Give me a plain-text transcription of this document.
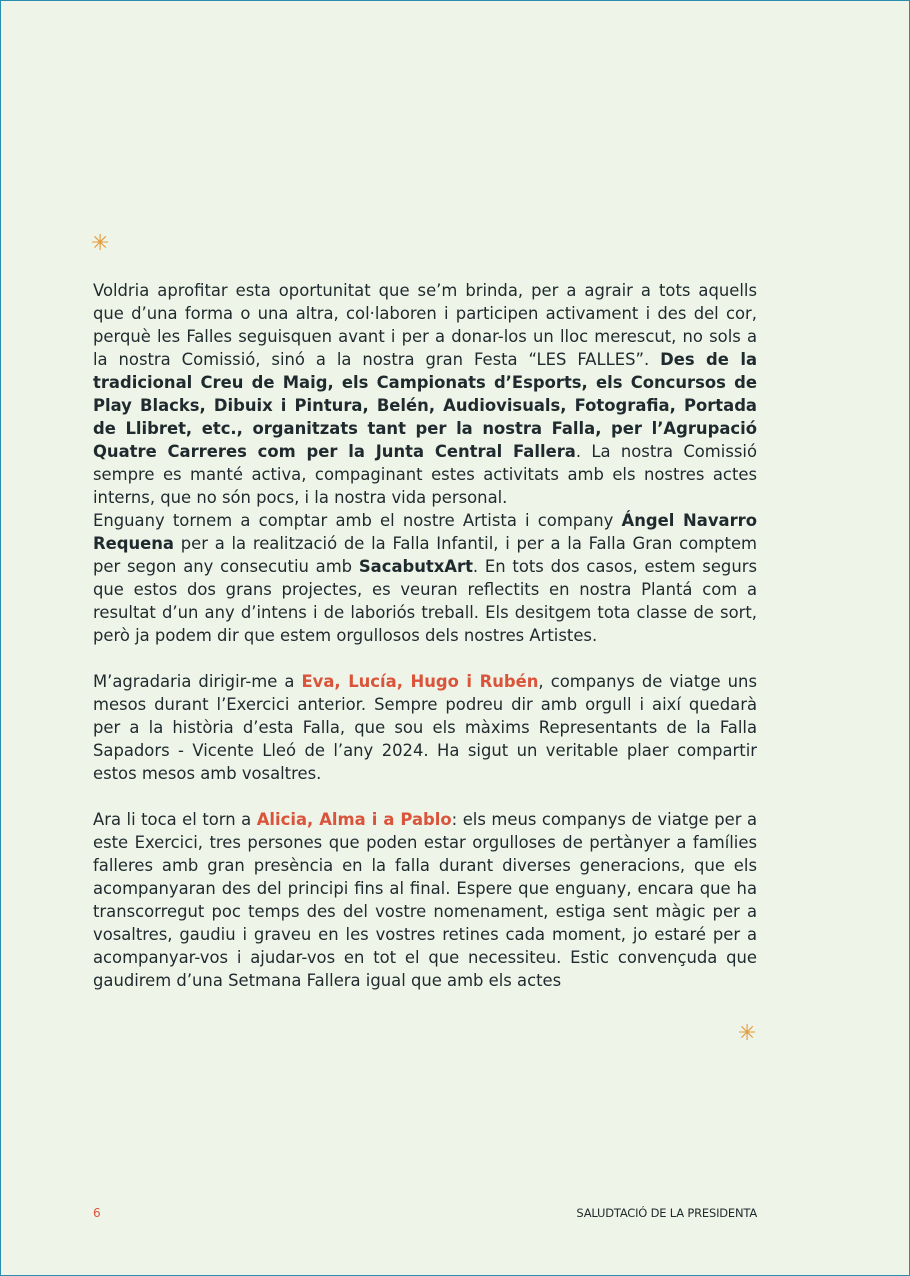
✳

Voldria aprofitar esta oportunitat que se’m brinda, per a agrair a tots aquells que d’una forma o una altra, col·laboren i participen activament i des del cor, perquè les Falles seguisquen avant i per a donar-los un lloc merescut, no sols a la nostra Comissió, sinó a la nostra gran Festa “LES FALLES”. Des de la tradicional Creu de Maig, els Campionats d’Esports, els Concursos de Play Blacks, Dibuix i Pintura, Belén, Audiovisuals, Fotografia, Portada de Llibret, etc., organitzats tant per la nostra Falla, per l’Agrupació Quatre Carreres com per la Junta Central Fallera. La nostra Comissió sempre es manté activa, compaginant estes activitats amb els nostres actes interns, que no són pocs, i la nostra vida personal.

Enguany tornem a comptar amb el nostre Artista i company Ángel Navarro Requena per a la realització de la Falla Infantil, i per a la Falla Gran comptem per segon any consecutiu amb SacabutxArt. En tots dos casos, estem segurs que estos dos grans projectes, es veuran reflectits en nostra Plantá com a resultat d’un any d’intens i de laboriós treball. Els desitgem tota classe de sort, però ja podem dir que estem orgullosos dels nostres Artistes.

M’agradaria dirigir-me a Eva, Lucía, Hugo i Rubén, companys de viatge uns mesos durant l’Exercici anterior. Sempre podreu dir amb orgull i així quedarà per a la història d’esta Falla, que sou els màxims Representants de la Falla Sapadors - Vicente Lleó de l’any 2024. Ha sigut un veritable plaer compartir estos mesos amb vosaltres.

Ara li toca el torn a Alicia, Alma i a Pablo: els meus companys de viatge per a este Exercici, tres persones que poden estar orgulloses de pertànyer a famílies falleres amb gran presència en la falla durant diverses generacions, que els acompanyaran des del principi fins al final. Espere que enguany, encara que ha transcorregut poc temps des del vostre nomenament, estiga sent màgic per a vosaltres, gaudiu i graveu en les vostres retines cada moment, jo estaré per a acompanyar-vos i ajudar-vos en tot el que necessiteu. Estic convençuda que gaudirem d’una Setmana Fallera igual que amb els actes

✳
6	SALUDTACIÓ DE LA PRESIDENTA
